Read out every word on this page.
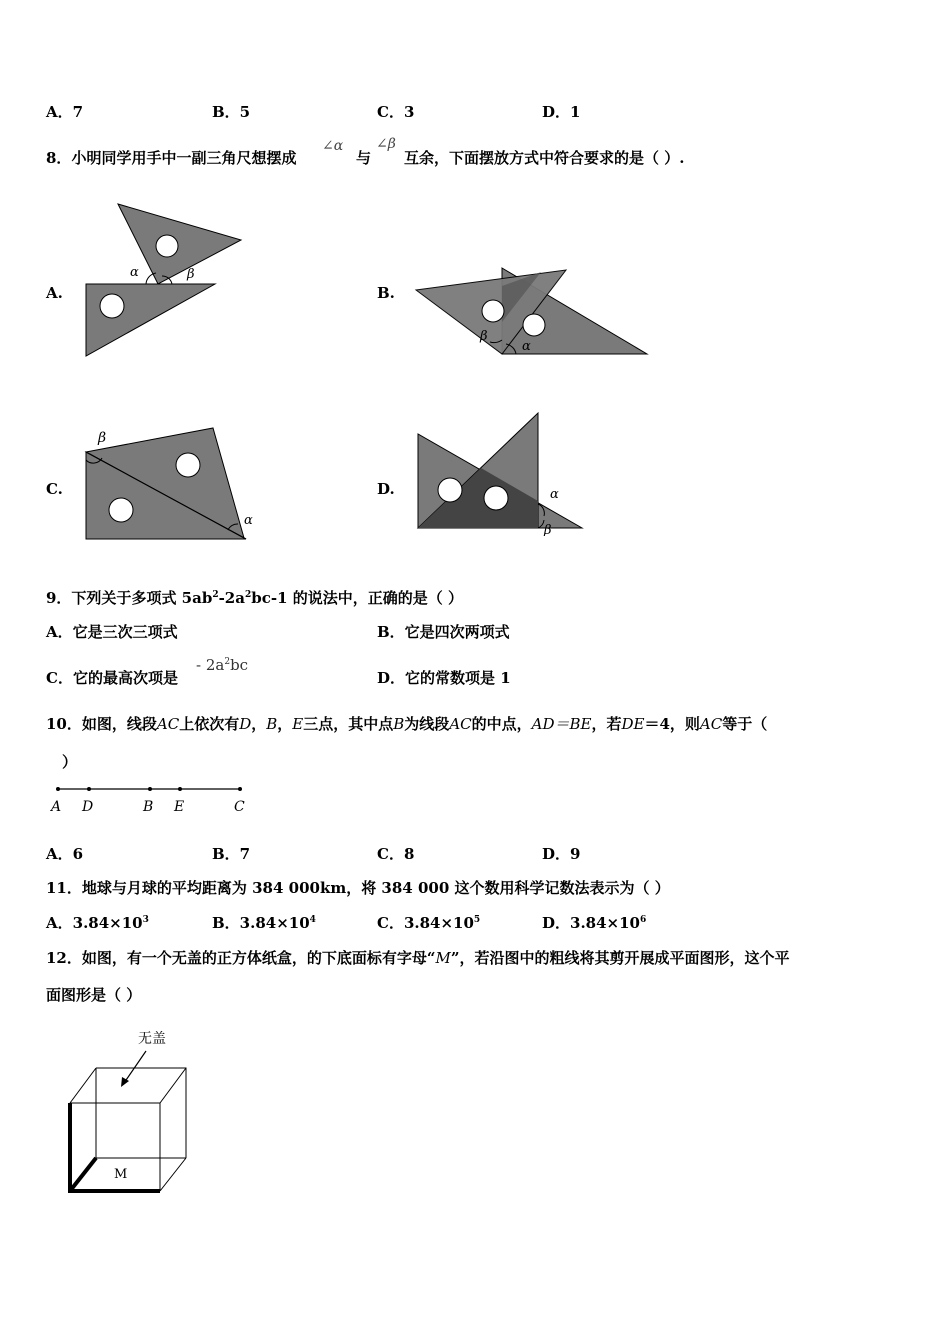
A．7	B．5	C．3	D．1
8．小明同学用手中一副三角尺想摆成
∠α
与
∠β
互余，下面摆放方式中符合要求的是（ ）.
A.	B.
C.	D.
α	β
β
α
β
α
α
β
9．下列关于多项式 $5ab^2-2a^2bc-1$ 的说法中，正确的是（ ）
A．它是三次三项式	B．它是四次两项式
C．它的最高次项是
- $2a^2bc$
D．它的常数项是 1
10．如图，线段AC上依次有D，B，E三点，其中点B为线段AC的中点，AD＝BE，若DE＝4，则AC等于（
）
A D	B E	C
A．6	B．7	C．8	D．9
11．地球与月球的平均距离为 384 000km，将 384 000 这个数用科学记数法表示为（ ）
A．$3.84\times 10^3$	B．$3.84\times 10^4$	C．$3.84\times 10^5$	D．$3.84\times 10^6$
12．如图，有一个无盖的正方体纸盒，的下底面标有字母“M”，若沿图中的粗线将其剪开展成平面图形，这个平
面图形是（ ）
无盖
M
